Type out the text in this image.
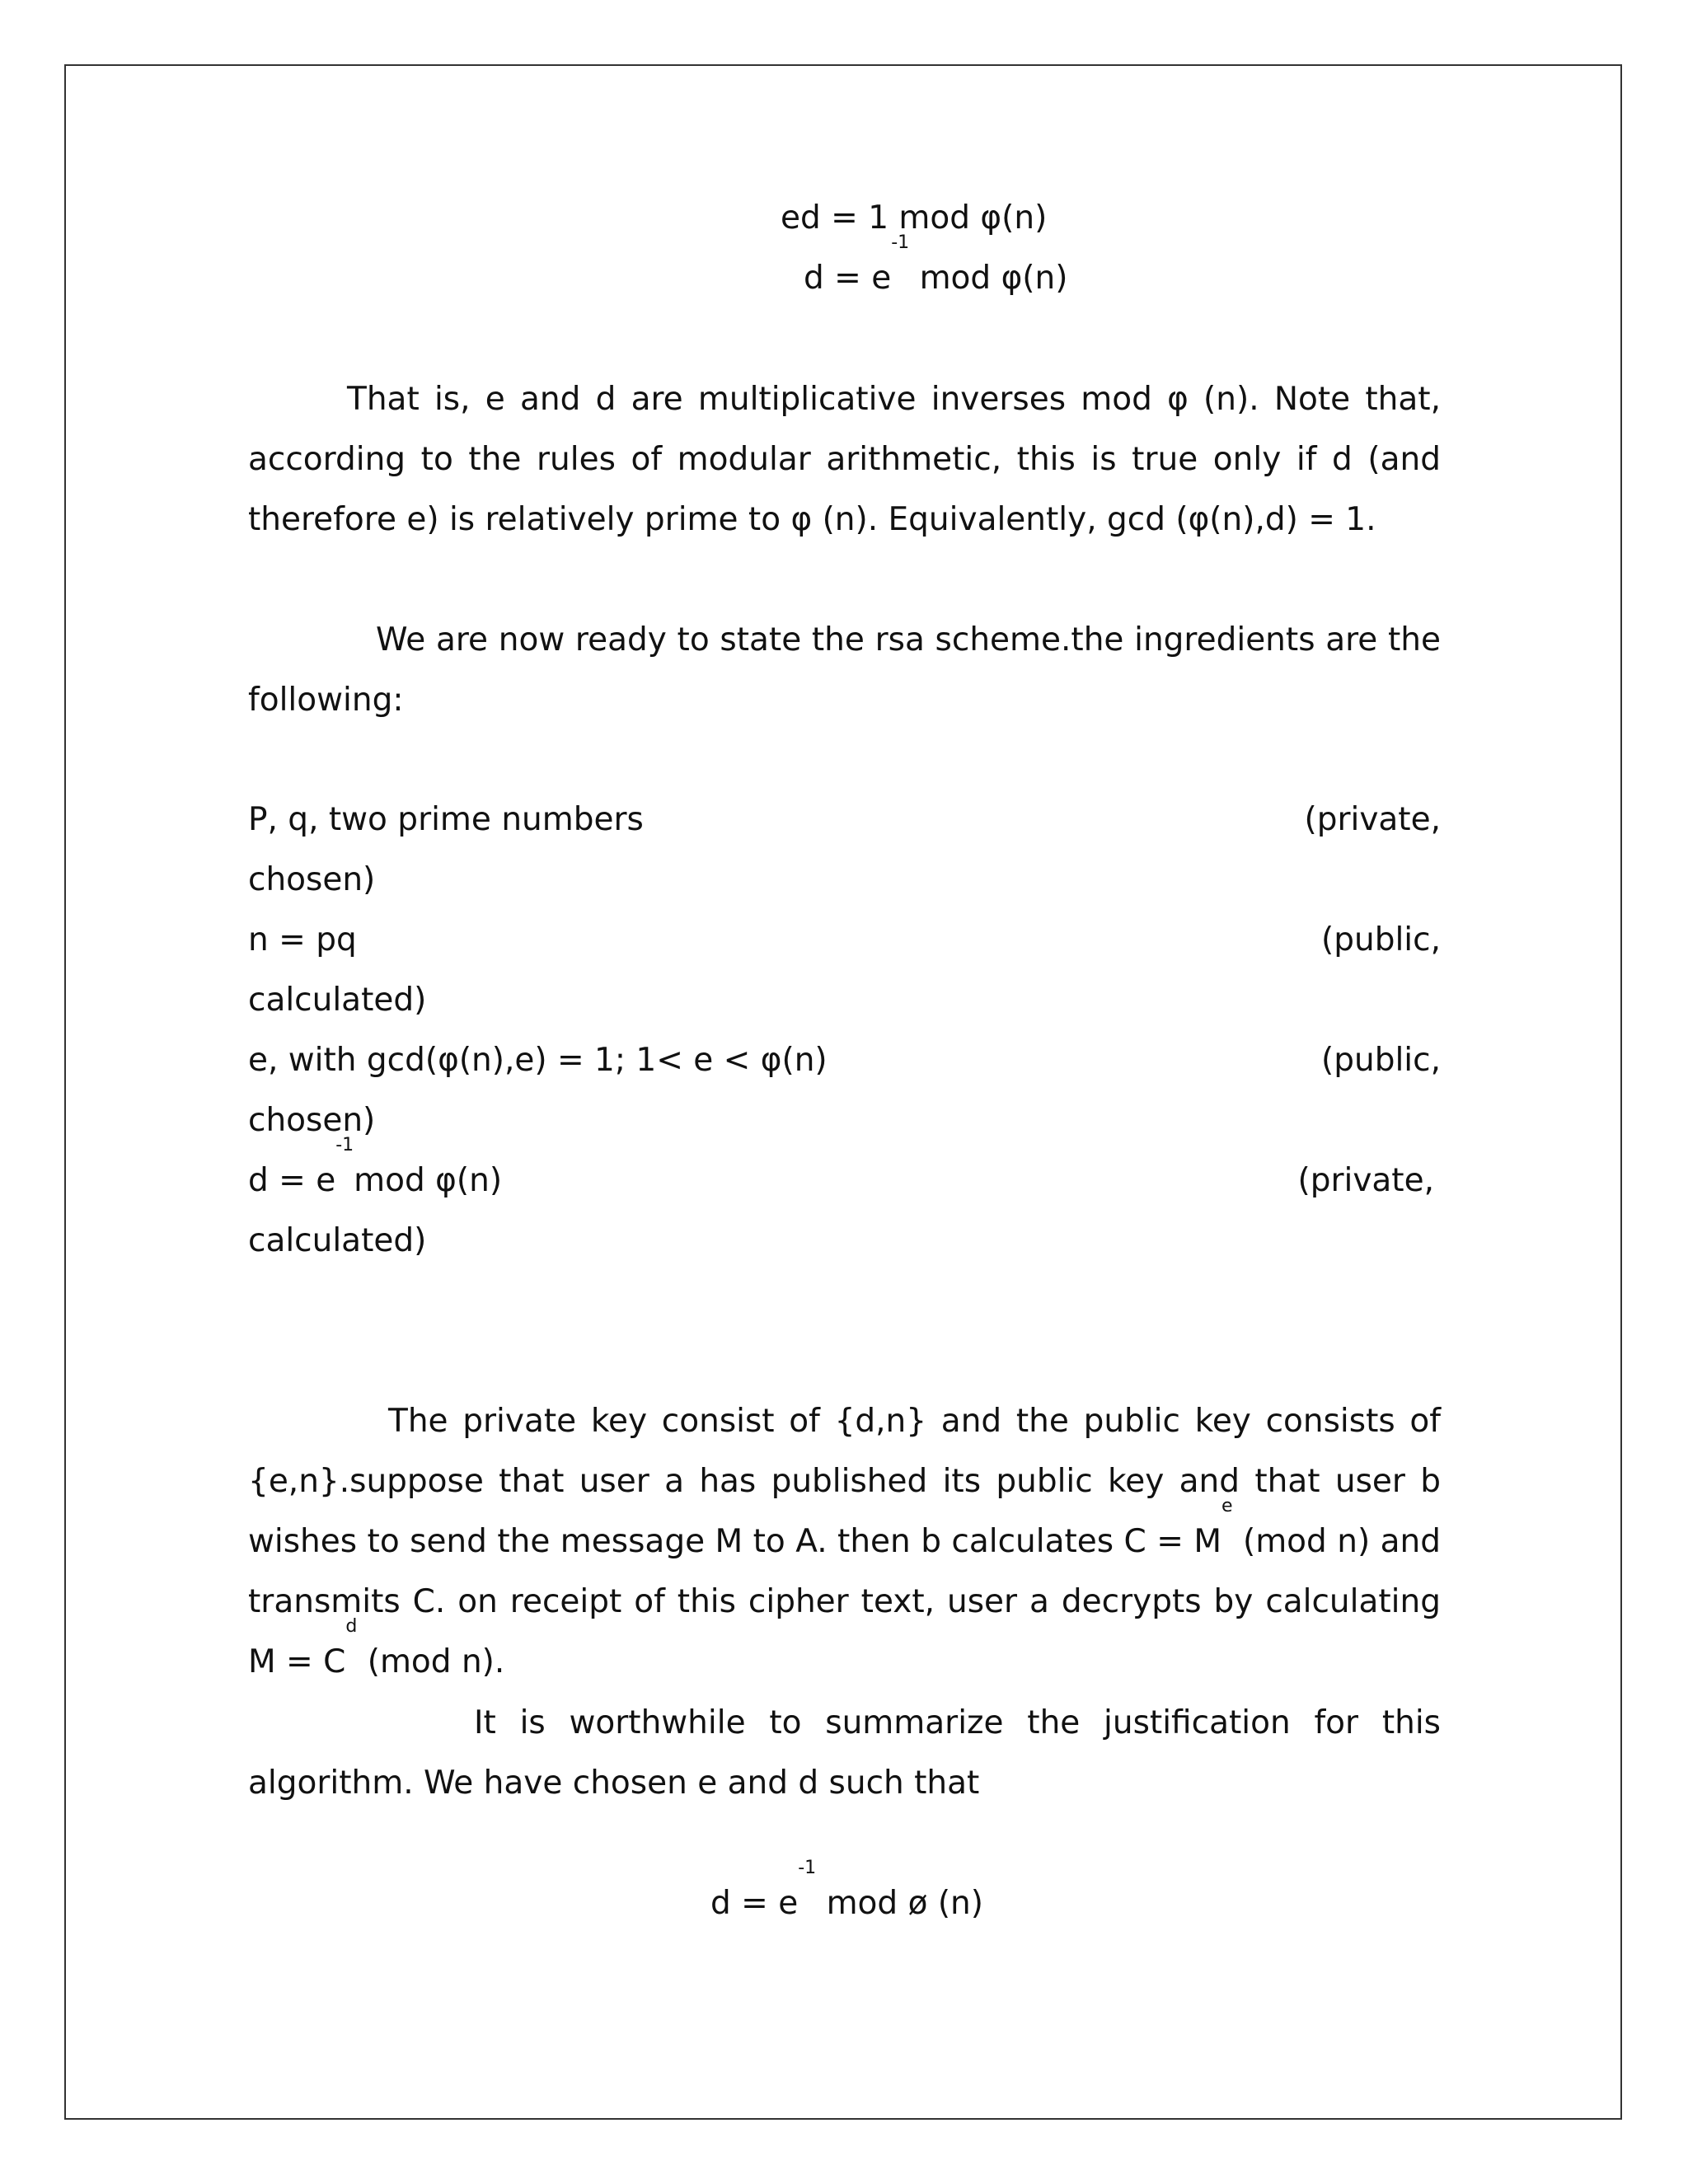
ed = 1 mod φ(n)
$d = e^{-1}$ mod φ(n)

That is, e and d are multiplicative inverses mod φ (n). Note that, according to the rules of modular arithmetic, this is true only if d (and therefore e) is relatively prime to φ (n). Equivalently, gcd (φ(n),d) = 1.

We are now ready to state the rsa scheme.the ingredients are the following:

P, q, two prime numbers	(private,
chosen)
n = pq	(public,
calculated)
e, with gcd(φ(n),e) = 1; 1< e < φ(n)	(public,
chosen)
$d = e^{-1}mod$ φ(n)	(private,
calculated)

The private key consist of {d,n} and the public key consists of {e,n}.suppose that user a has published its public key and that user b wishes to send the message M to A. then b calculates $C = M^e$ (mod n) and transmits C. on receipt of this cipher text, user a decrypts by calculating $M = C^d$ (mod n).

It is worthwhile to summarize the justification for this algorithm. We have chosen e and d such that

$d = e^{-1}$ mod ø (n)
